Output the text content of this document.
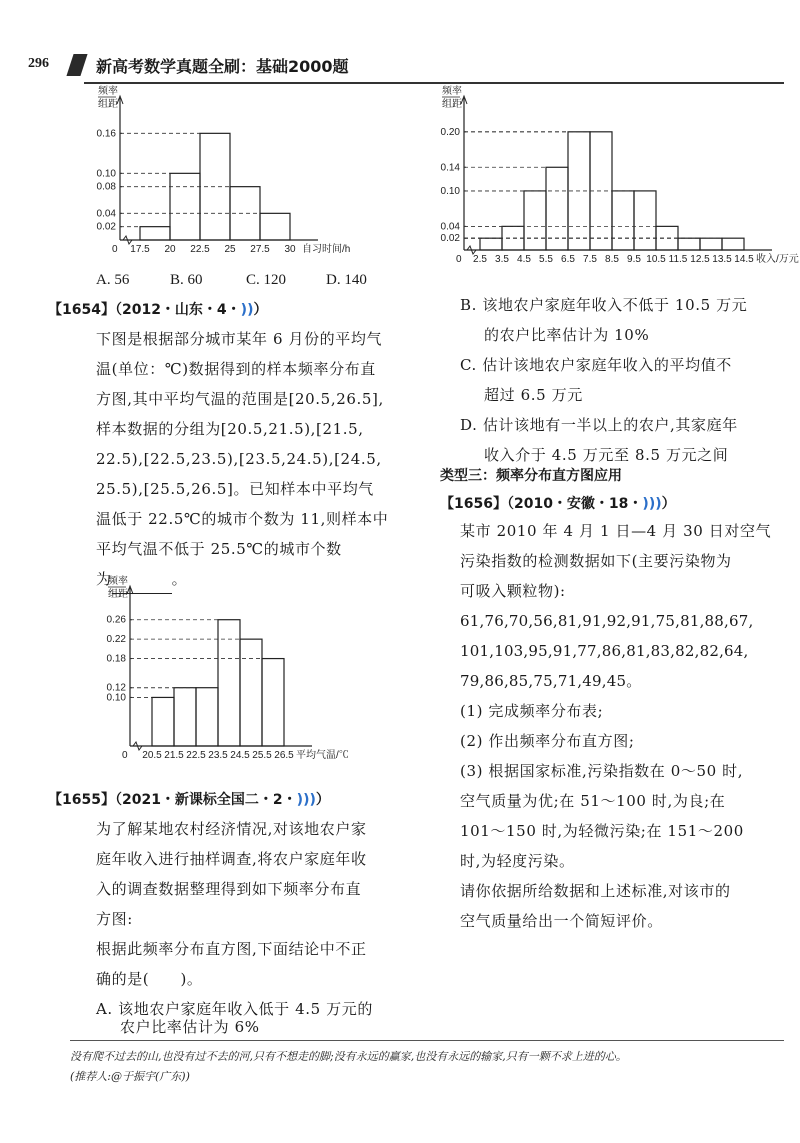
296	新高考数学真题全刷：基础2000题
频率
组距
0
0.16
0.10
0.08
0.04
0.02
17.5 20 22.5 25 27.5 30 自习时间/h
A. 56	B. 60	C. 120	D. 140
【1654】（2012・山东・4・))）
下图是根据部分城市某年 6 月份的平均气
温(单位：℃)数据得到的样本频率分布直
方图,其中平均气温的范围是[20.5,26.5],
样本数据的分组为[20.5,21.5),[21.5,
22.5),[22.5,23.5),[23.5,24.5),[24.5,
25.5),[25.5,26.5]。已知样本中平均气
温低于 22.5℃的城市个数为 11,则样本中
平均气温不低于 25.5℃的城市个数
为	。
频率
组距
0
0.26
0.22
0.18
0.12
0.10
20.5 21.5 22.5 23.5 24.5 25.5 26.5 平均气温/℃
【1655】（2021・新课标全国二・2・)))）
为了解某地农村经济情况,对该地农户家
庭年收入进行抽样调查,将农户家庭年收
入的调查数据整理得到如下频率分布直
方图:
根据此频率分布直方图,下面结论中不正
确的是(　　)。
A. 该地农户家庭年收入低于 4.5 万元的
农户比率估计为 6%
频率
组距
0
0.20
0.14
0.10
0.04
0.02
2.5 3.5 4.5 5.5 6.5 7.5 8.5 9.5 10.5 11.5 12.5 13.5 14.5 收入/万元
B. 该地农户家庭年收入不低于 10.5 万元
的农户比率估计为 10%
C. 估计该地农户家庭年收入的平均值不
超过 6.5 万元
D. 估计该地有一半以上的农户,其家庭年
收入介于 4.5 万元至 8.5 万元之间
类型三：频率分布直方图应用
【1656】（2010・安徽・18・)))）
某市 2010 年 4 月 1 日—4 月 30 日对空气
污染指数的检测数据如下(主要污染物为
可吸入颗粒物):
61,76,70,56,81,91,92,91,75,81,88,67,
101,103,95,91,77,86,81,83,82,82,64,
79,86,85,75,71,49,45。
(1) 完成频率分布表;
(2) 作出频率分布直方图;
(3) 根据国家标准,污染指数在 0～50 时,
空气质量为优;在 51～100 时,为良;在
101～150 时,为轻微污染;在 151～200
时,为轻度污染。
请你依据所给数据和上述标准,对该市的
空气质量给出一个简短评价。
没有爬不过去的山,也没有过不去的河,只有不想走的脚;没有永远的赢家,也没有永远的输家,只有一颗不求上进的心。
(推荐人:@于振宇(广东))
